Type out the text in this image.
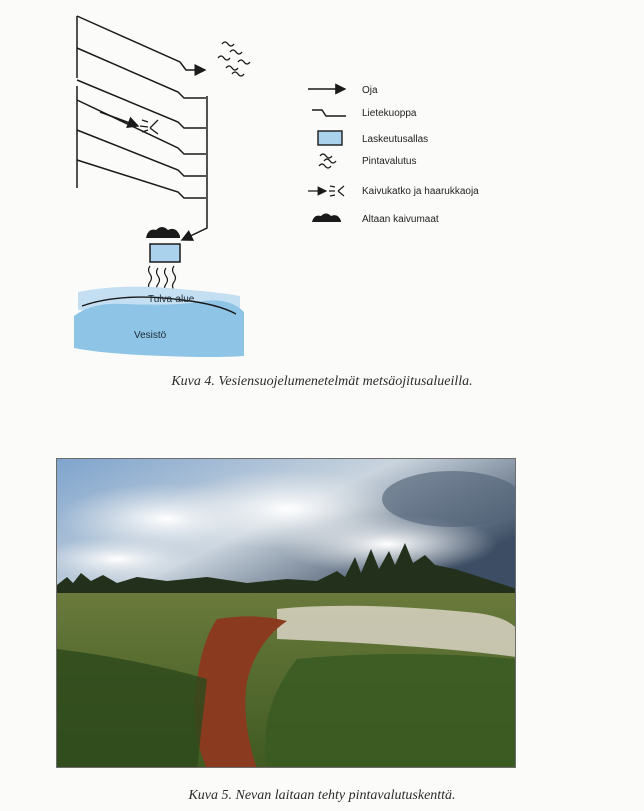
Tulva-alue
Vesistö
Oja
Lietekuoppa
Laskeutusallas
Pintavalutus
Kaivukatko ja haarukkaoja
Altaan kaivumaat

Kuva 4. Vesiensuojelumenetelmät metsäojitusalueilla.

Kuva 5. Nevan laitaan tehty pintavalutuskenttä.
